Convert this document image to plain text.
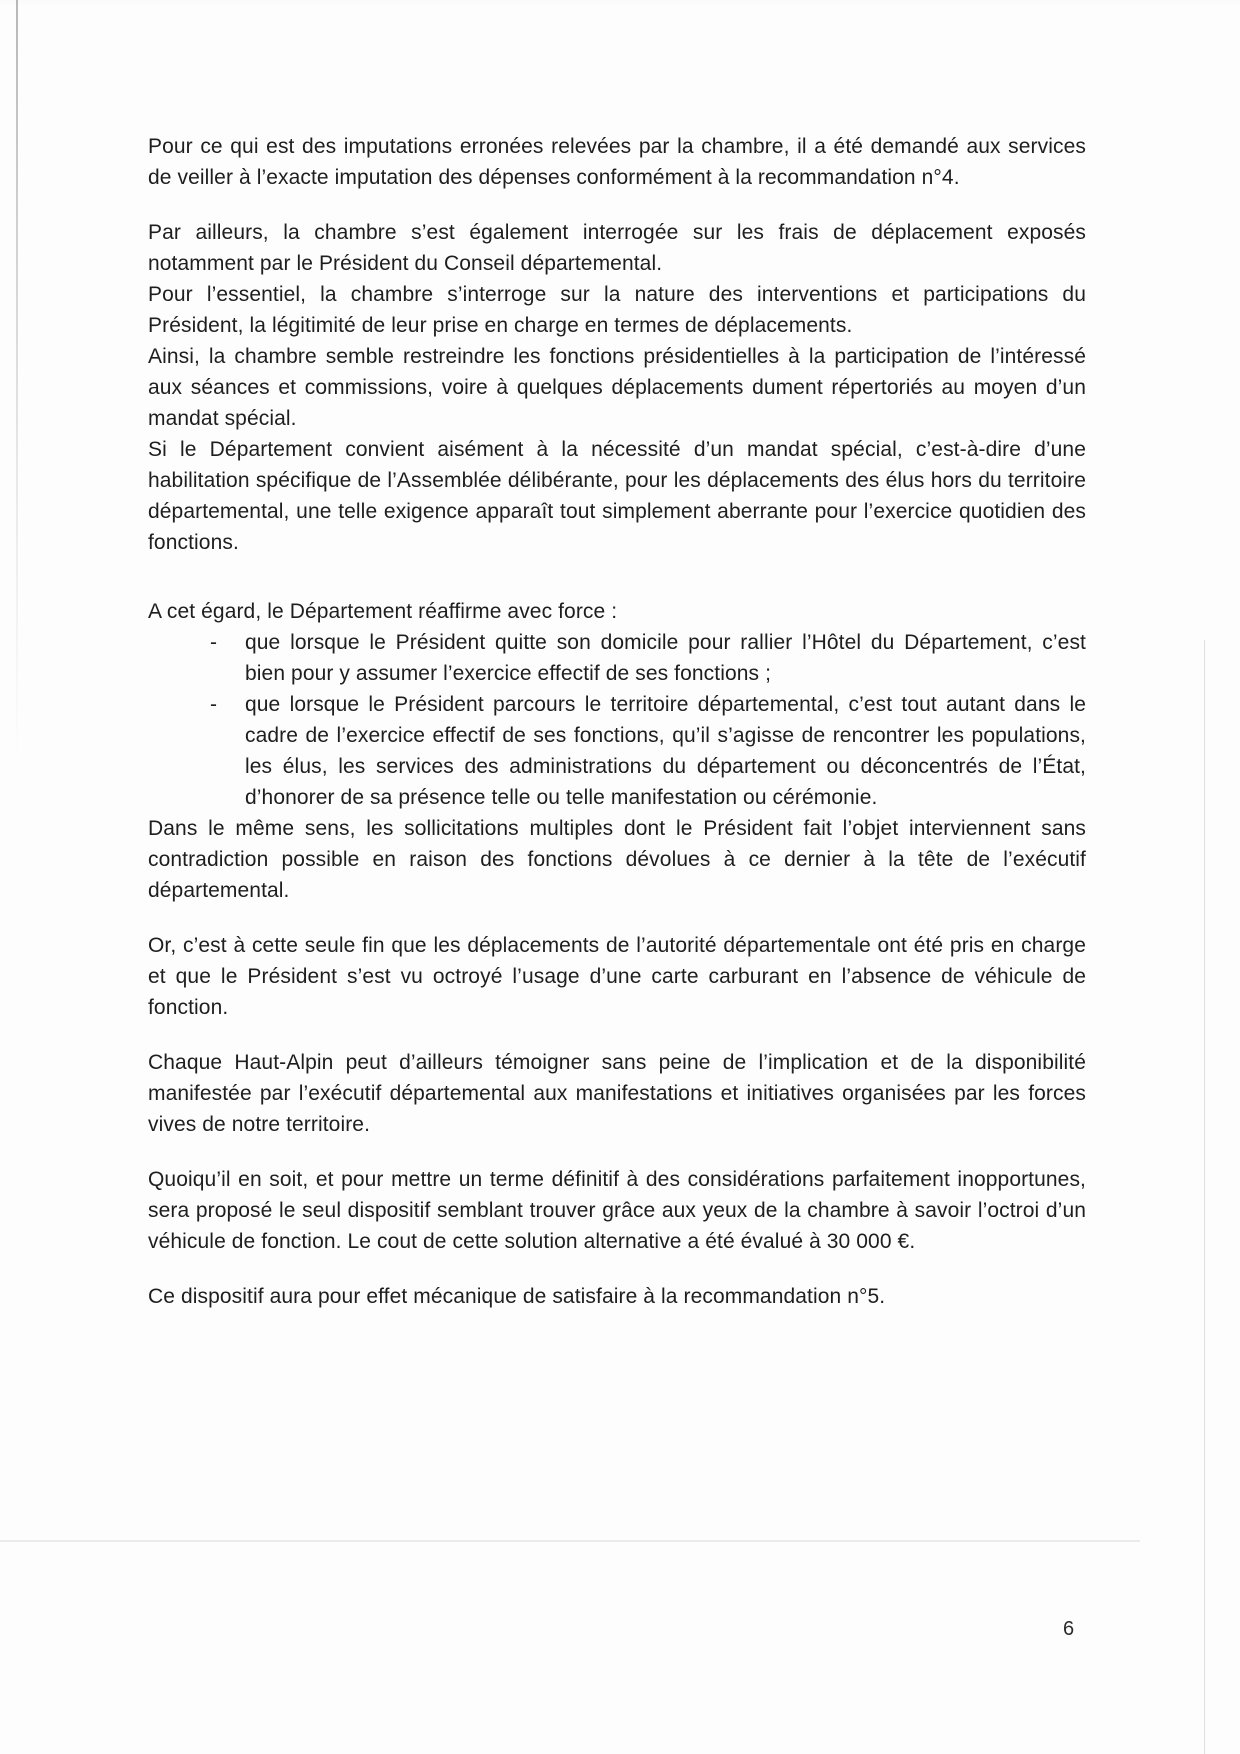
Pour ce qui est des imputations erronées relevées par la chambre, il a été demandé aux services de veiller à l’exacte imputation des dépenses conformément à la recommandation n°4.

Par ailleurs, la chambre s’est également interrogée sur les frais de déplacement exposés notamment par le Président du Conseil départemental.

Pour l’essentiel, la chambre s’interroge sur la nature des interventions et participations du Président, la légitimité de leur prise en charge en termes de déplacements.

Ainsi, la chambre semble restreindre les fonctions présidentielles à la participation de l’intéressé aux séances et commissions, voire à quelques déplacements dument répertoriés au moyen d’un mandat spécial.

Si le Département convient aisément à la nécessité d’un mandat spécial, c’est-à-dire d’une habilitation spécifique de l’Assemblée délibérante, pour les déplacements des élus hors du territoire départemental, une telle exigence apparaît tout simplement aberrante pour l’exercice quotidien des fonctions.

A cet égard, le Département réaffirme avec force :

- que lorsque le Président quitte son domicile pour rallier l’Hôtel du Département, c’est bien pour y assumer l’exercice effectif de ses fonctions ;
- que lorsque le Président parcours le territoire départemental, c’est tout autant dans le cadre de l’exercice effectif de ses fonctions, qu’il s’agisse de rencontrer les populations, les élus, les services des administrations du département ou déconcentrés de l’État, d’honorer de sa présence telle ou telle manifestation ou cérémonie.

Dans le même sens, les sollicitations multiples dont le Président fait l’objet interviennent sans contradiction possible en raison des fonctions dévolues à ce dernier à la tête de l’exécutif départemental.

Or, c’est à cette seule fin que les déplacements de l’autorité départementale ont été pris en charge et que le Président s’est vu octroyé l’usage d’une carte carburant en l’absence de véhicule de fonction.

Chaque Haut-Alpin peut d’ailleurs témoigner sans peine de l’implication et de la disponibilité manifestée par l’exécutif départemental aux manifestations et initiatives organisées par les forces vives de notre territoire.

Quoiqu’il en soit, et pour mettre un terme définitif à des considérations parfaitement inopportunes, sera proposé le seul dispositif semblant trouver grâce aux yeux de la chambre à savoir l’octroi d’un véhicule de fonction. Le cout de cette solution alternative a été évalué à 30 000 €.

Ce dispositif aura pour effet mécanique de satisfaire à la recommandation n°5.

6
